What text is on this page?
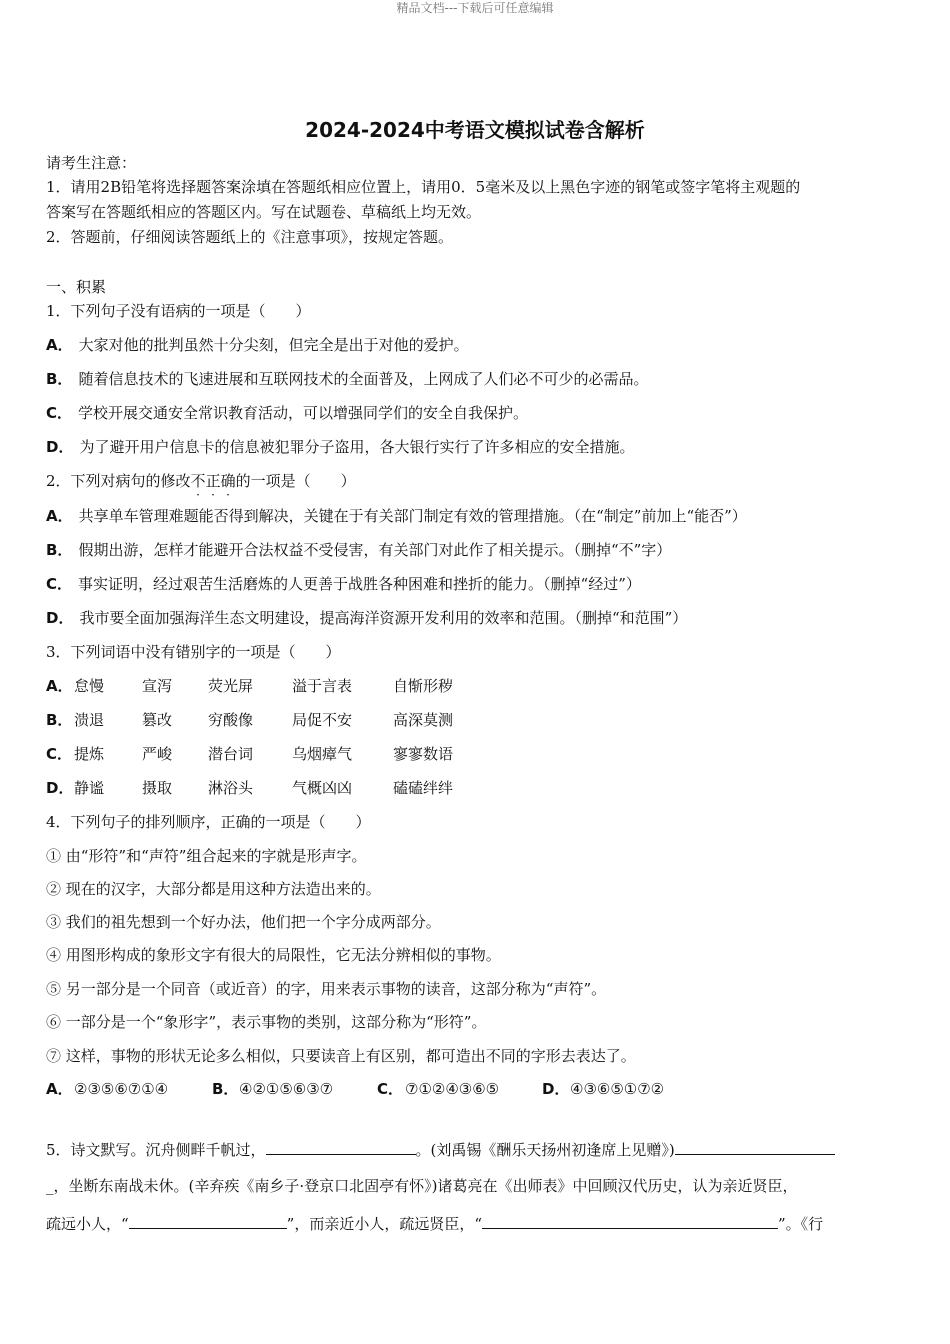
精品文档---下载后可任意编辑
2024-2024中考语文模拟试卷含解析
请考生注意：
1．请用2B铅笔将选择题答案涂填在答题纸相应位置上，请用0．5毫米及以上黑色字迹的钢笔或签字笔将主观题的
答案写在答题纸相应的答题区内。写在试题卷、草稿纸上均无效。
2．答题前，仔细阅读答题纸上的《注意事项》，按规定答题。
一、积累
1．下列句子没有语病的一项是（　　）
A． 大家对他的批判虽然十分尖刻，但完全是出于对他的爱护。
B． 随着信息技术的飞速进展和互联网技术的全面普及，上网成了人们必不可少的必需品。
C． 学校开展交通安全常识教育活动，可以增强同学们的安全自我保护。
D． 为了避开用户信息卡的信息被犯罪分子盗用，各大银行实行了许多相应的安全措施。
2．下列对病句的修改不正确的一项是（　　）
A． 共享单车管理难题能否得到解决，关键在于有关部门制定有效的管理措施。（在“制定”前加上“能否”）
B． 假期出游，怎样才能避开合法权益不受侵害，有关部门对此作了相关提示。（删掉“不”字）
C． 事实证明，经过艰苦生活磨炼的人更善于战胜各种困难和挫折的能力。（删掉“经过”）
D． 我市要全面加强海洋生态文明建设，提高海洋资源开发利用的效率和范围。（删掉“和范围”）
3．下列词语中没有错别字的一项是（　　）
A． 怠慢	宣泻 荧光屏	溢于言表	自惭形秽
B． 溃退	篡改 穷酸像	局促不安	高深莫测
C． 提炼	严峻 潜台词	乌烟瘴气	寥寥数语
D． 静谧	摄取 淋浴头	气概凶凶	磕磕绊绊
4．下列句子的排列顺序，正确的一项是（　　）
① 由“形符”和“声符”组合起来的字就是形声字。
② 现在的汉字，大部分都是用这种方法造出来的。
③ 我们的祖先想到一个好办法，他们把一个字分成两部分。
④ 用图形构成的象形文字有很大的局限性，它无法分辨相似的事物。
⑤ 另一部分是一个同音（或近音）的字，用来表示事物的读音，这部分称为“声符”。
⑥ 一部分是一个“象形字”，表示事物的类别，这部分称为“形符”。
⑦ 这样，事物的形状无论多么相似，只要读音上有区别，都可造出不同的字形去表达了。
A． ②③⑤⑥⑦①④	B． ④②①⑤⑥③⑦	C． ⑦①②④③⑥⑤	D． ④③⑥⑤①⑦②
5．诗文默写。沉舟侧畔千帆过，	。(刘禹锡《酬乐天扬州初逢席上见赠》)
_，坐断东南战未休。(辛弃疾《南乡子·登京口北固亭有怀》)诸葛亮在《出师表》中回顾汉代历史，认为亲近贤臣，
疏远小人，“	”，而亲近小人，疏远贤臣，“	”。《行
